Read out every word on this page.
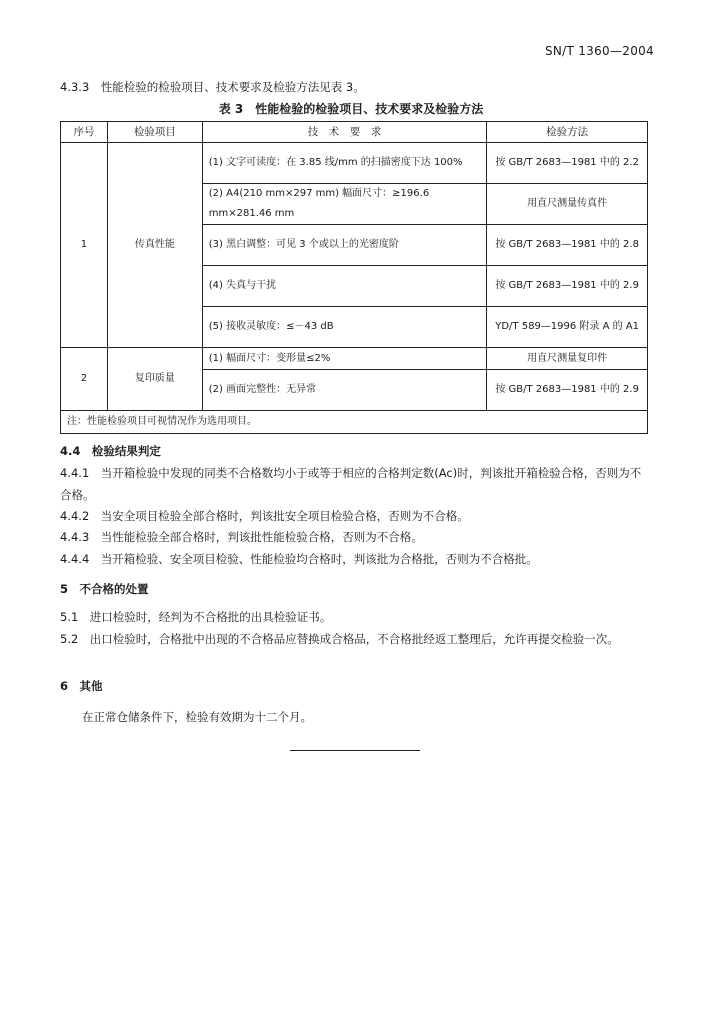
SN/T 1360—2004

4.3.3　性能检验的检验项目、技术要求及检验方法见表 3。

表 3　性能检验的检验项目、技术要求及检验方法
序号	检验项目	技　术　要　求	检验方法
1	传真性能	(1) 文字可读度：在 3.85 线/mm 的扫描密度下达 100%	按 GB/T 2683—1981 中的 2.2
		(2) A4(210 mm×297 mm) 幅面尺寸：≥196.6 mm×281.46 mm	用直尺测量传真件
		(3) 黑白调整：可见 3 个或以上的光密度阶	按 GB/T 2683—1981 中的 2.8
		(4) 失真与干扰	按 GB/T 2683—1981 中的 2.9
		(5) 接收灵敏度：≤－43 dB	YD/T 589—1996 附录 A 的 A1
2	复印质量	(1) 幅面尺寸：变形量≤2%	用直尺测量复印件
		(2) 画面完整性：无异常	按 GB/T 2683—1981 中的 2.9
注：性能检验项目可视情况作为选用项目。			

4.4　检验结果判定

4.4.1　当开箱检验中发现的同类不合格数均小于或等于相应的合格判定数(Ac)时，判该批开箱检验合格，否则为不合格。

4.4.2　当安全项目检验全部合格时，判该批安全项目检验合格，否则为不合格。

4.4.3　当性能检验全部合格时，判该批性能检验合格，否则为不合格。

4.4.4　当开箱检验、安全项目检验、性能检验均合格时，判该批为合格批，否则为不合格批。

5　不合格的处置

5.1　进口检验时，经判为不合格批的出具检验证书。

5.2　出口检验时，合格批中出现的不合格品应替换成合格品，不合格批经返工整理后，允许再提交检验一次。

6　其他

在正常仓储条件下，检验有效期为十二个月。
